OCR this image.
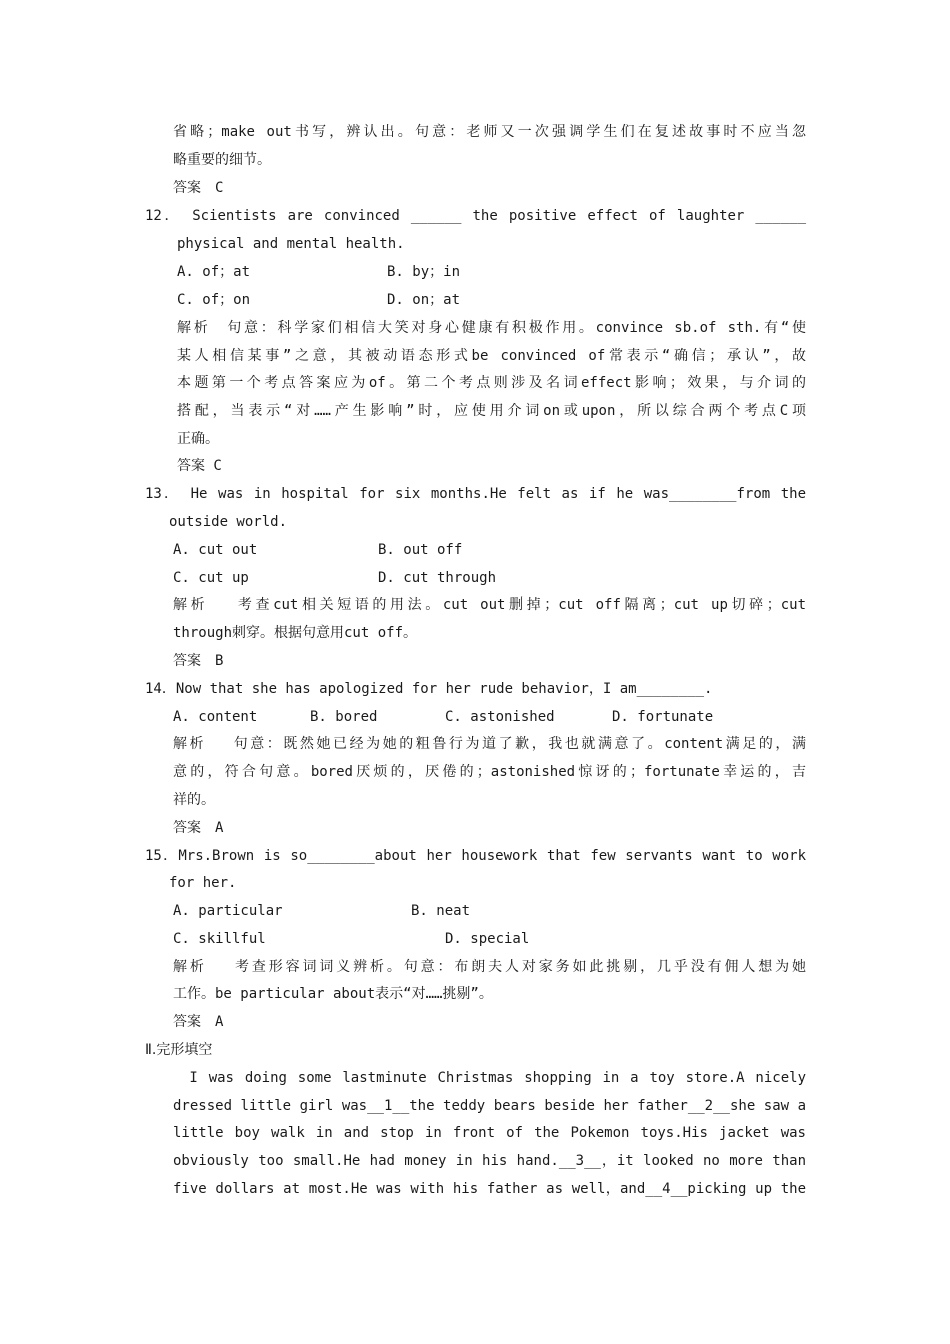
省略；make out书写，辨认出。句意：老师又一次强调学生们在复述故事时不应当忽
略重要的细节。
答案　C
12． Scientists are convinced ______ the positive effect of laughter ______
physical and mental health.
A. of；at	B. by；in
C. of；on	D. on；at
解析　句意：科学家们相信大笑对身心健康有积极作用。convince sb.of sth.有“使
某人相信某事”之意，其被动语态形式be convinced of常表示“确信；承认”，故
本题第一个考点答案应为of。第二个考点则涉及名词effect影响；效果，与介词的
搭配，当表示“对……产生影响”时，应使用介词on或upon，所以综合两个考点C项
正确。
答案 C
13． He was in hospital for six months.He felt as if he was________from the
outside world.
A. cut out	B. out off
C. cut up	D. cut through
解析　 考查cut相关短语的用法。cut out删掉；cut off隔离；cut up切碎；cut
through刺穿。根据句意用cut off。
答案　B
14．Now that she has apologized for her rude behavior，I am________.
A. content	B. bored	C. astonished	D. fortunate
解析　 句意：既然她已经为她的粗鲁行为道了歉，我也就满意了。content满足的，满
意的，符合句意。bored厌烦的，厌倦的；astonished惊讶的；fortunate幸运的，吉
祥的。
答案　A
15．Mrs.Brown is so________about her housework that few servants want to work
for her.
A. particular	B. neat
C. skillful	D. special
解析　 考查形容词词义辨析。句意：布朗夫人对家务如此挑剔，几乎没有佣人想为她
工作。be particular about表示“对……挑剔”。
答案　A
Ⅱ.完形填空
　I was doing some lastminute Christmas shopping in a toy store.A nicely
dressed little girl was__1__the teddy bears beside her father__2__she saw a
little boy walk in and stop in front of the Pokemon toys.His jacket was
obviously too small.He had money in his hand.__3__，it looked no more than
five dollars at most.He was with his father as well，and__4__picking up the
